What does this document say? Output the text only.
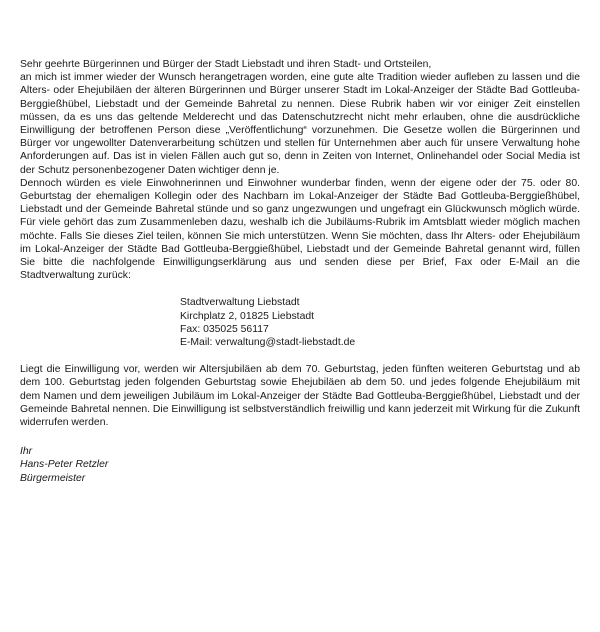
Sehr geehrte Bürgerinnen und Bürger der Stadt Liebstadt und ihren Stadt- und Ortsteilen,

an mich ist immer wieder der Wunsch herangetragen worden, eine gute alte Tradition wieder aufleben zu lassen und die Alters- oder Ehejubiläen der älteren Bürgerinnen und Bürger unserer Stadt im Lokal-Anzeiger der Städte Bad Gottleuba-Berggießhübel, Liebstadt und der Gemeinde Bahretal zu nennen. Diese Rubrik haben wir vor einiger Zeit einstellen müssen, da es uns das geltende Melderecht und das Datenschutzrecht nicht mehr erlauben, ohne die ausdrückliche Einwilligung der betroffenen Person diese „Veröffentlichung“ vorzunehmen. Die Gesetze wollen die Bürgerinnen und Bürger vor ungewollter Datenverarbeitung schützen und stellen für Unternehmen aber auch für unsere Verwaltung hohe Anforderungen auf. Das ist in vielen Fällen auch gut so, denn in Zeiten von Internet, Onlinehandel oder Social Media ist der Schutz personenbezogener Daten wichtiger denn je.

Dennoch würden es viele Einwohnerinnen und Einwohner wunderbar finden, wenn der eigene oder der 75. oder 80. Geburtstag der ehemaligen Kollegin oder des Nachbarn im Lokal-Anzeiger der Städte Bad Gottleuba-Berggießhübel, Liebstadt und der Gemeinde Bahretal stünde und so ganz ungezwungen und ungefragt ein Glückwunsch möglich würde. Für viele gehört das zum Zusammenleben dazu, weshalb ich die Jubiläums-Rubrik im Amtsblatt wieder möglich machen möchte. Falls Sie dieses Ziel teilen, können Sie mich unterstützen. Wenn Sie möchten, dass Ihr Alters- oder Ehejubiläum im Lokal-Anzeiger der Städte Bad Gottleuba-Berggießhübel, Liebstadt und der Gemeinde Bahretal genannt wird, füllen Sie bitte die nachfolgende Einwilligungserklärung aus und senden diese per Brief, Fax oder E-Mail an die Stadtverwaltung zurück:

Stadtverwaltung Liebstadt
Kirchplatz 2, 01825 Liebstadt
Fax: 035025 56117
E-Mail: verwaltung@stadt-liebstadt.de

Liegt die Einwilligung vor, werden wir Altersjubiläen ab dem 70. Geburtstag, jeden fünften weiteren Geburtstag und ab dem 100. Geburtstag jeden folgenden Geburtstag sowie Ehejubiläen ab dem 50. und jedes folgende Ehejubiläum mit dem Namen und dem jeweiligen Jubiläum im Lokal-Anzeiger der Städte Bad Gottleuba-Berggießhübel, Liebstadt und der Gemeinde Bahretal nennen. Die Einwilligung ist selbstverständlich freiwillig und kann jederzeit mit Wirkung für die Zukunft widerrufen werden.

Ihr
Hans-Peter Retzler
Bürgermeister
